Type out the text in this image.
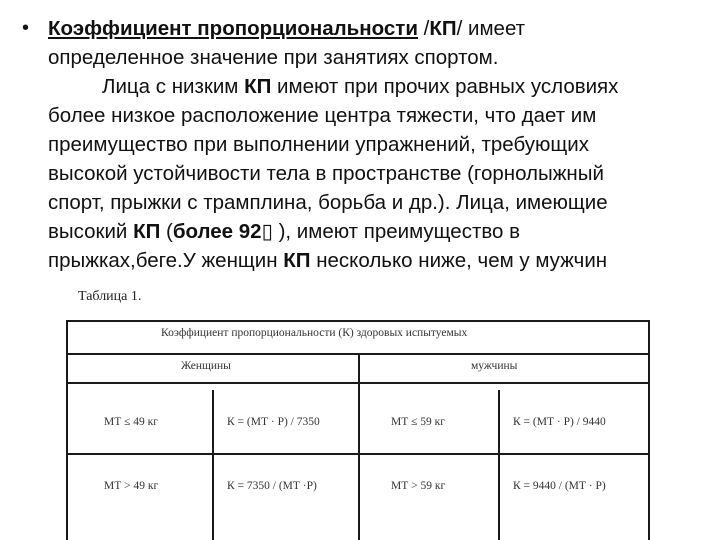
• Коэффициент пропорциональности /КП/ имеет
определенное значение при занятиях спортом.
Лица с низким КП имеют при прочих равных условиях
более низкое расположение центра тяжести, что дает им
преимущество при выполнении упражнений, требующих
высокой устойчивости тела в пространстве (горнолыжный
спорт, прыжки с трамплина, борьба и др.). Лица, имеющие
высокий КП (более 92▯ ), имеют преимущество в
прыжках,беге.У женщин КП несколько ниже, чем у мужчин
Таблица 1.
Коэффициент пропорциональности (К) здоровых испытуемых
Женщины	мужчины
МТ ≤ 49 кг	К = (МТ · Р) / 7350	МТ ≤ 59 кг	К = (МТ · Р) / 9440
МТ > 49 кг	К = 7350 / (МТ ·Р)	МТ > 59 кг	К = 9440 / (МТ · Р)
